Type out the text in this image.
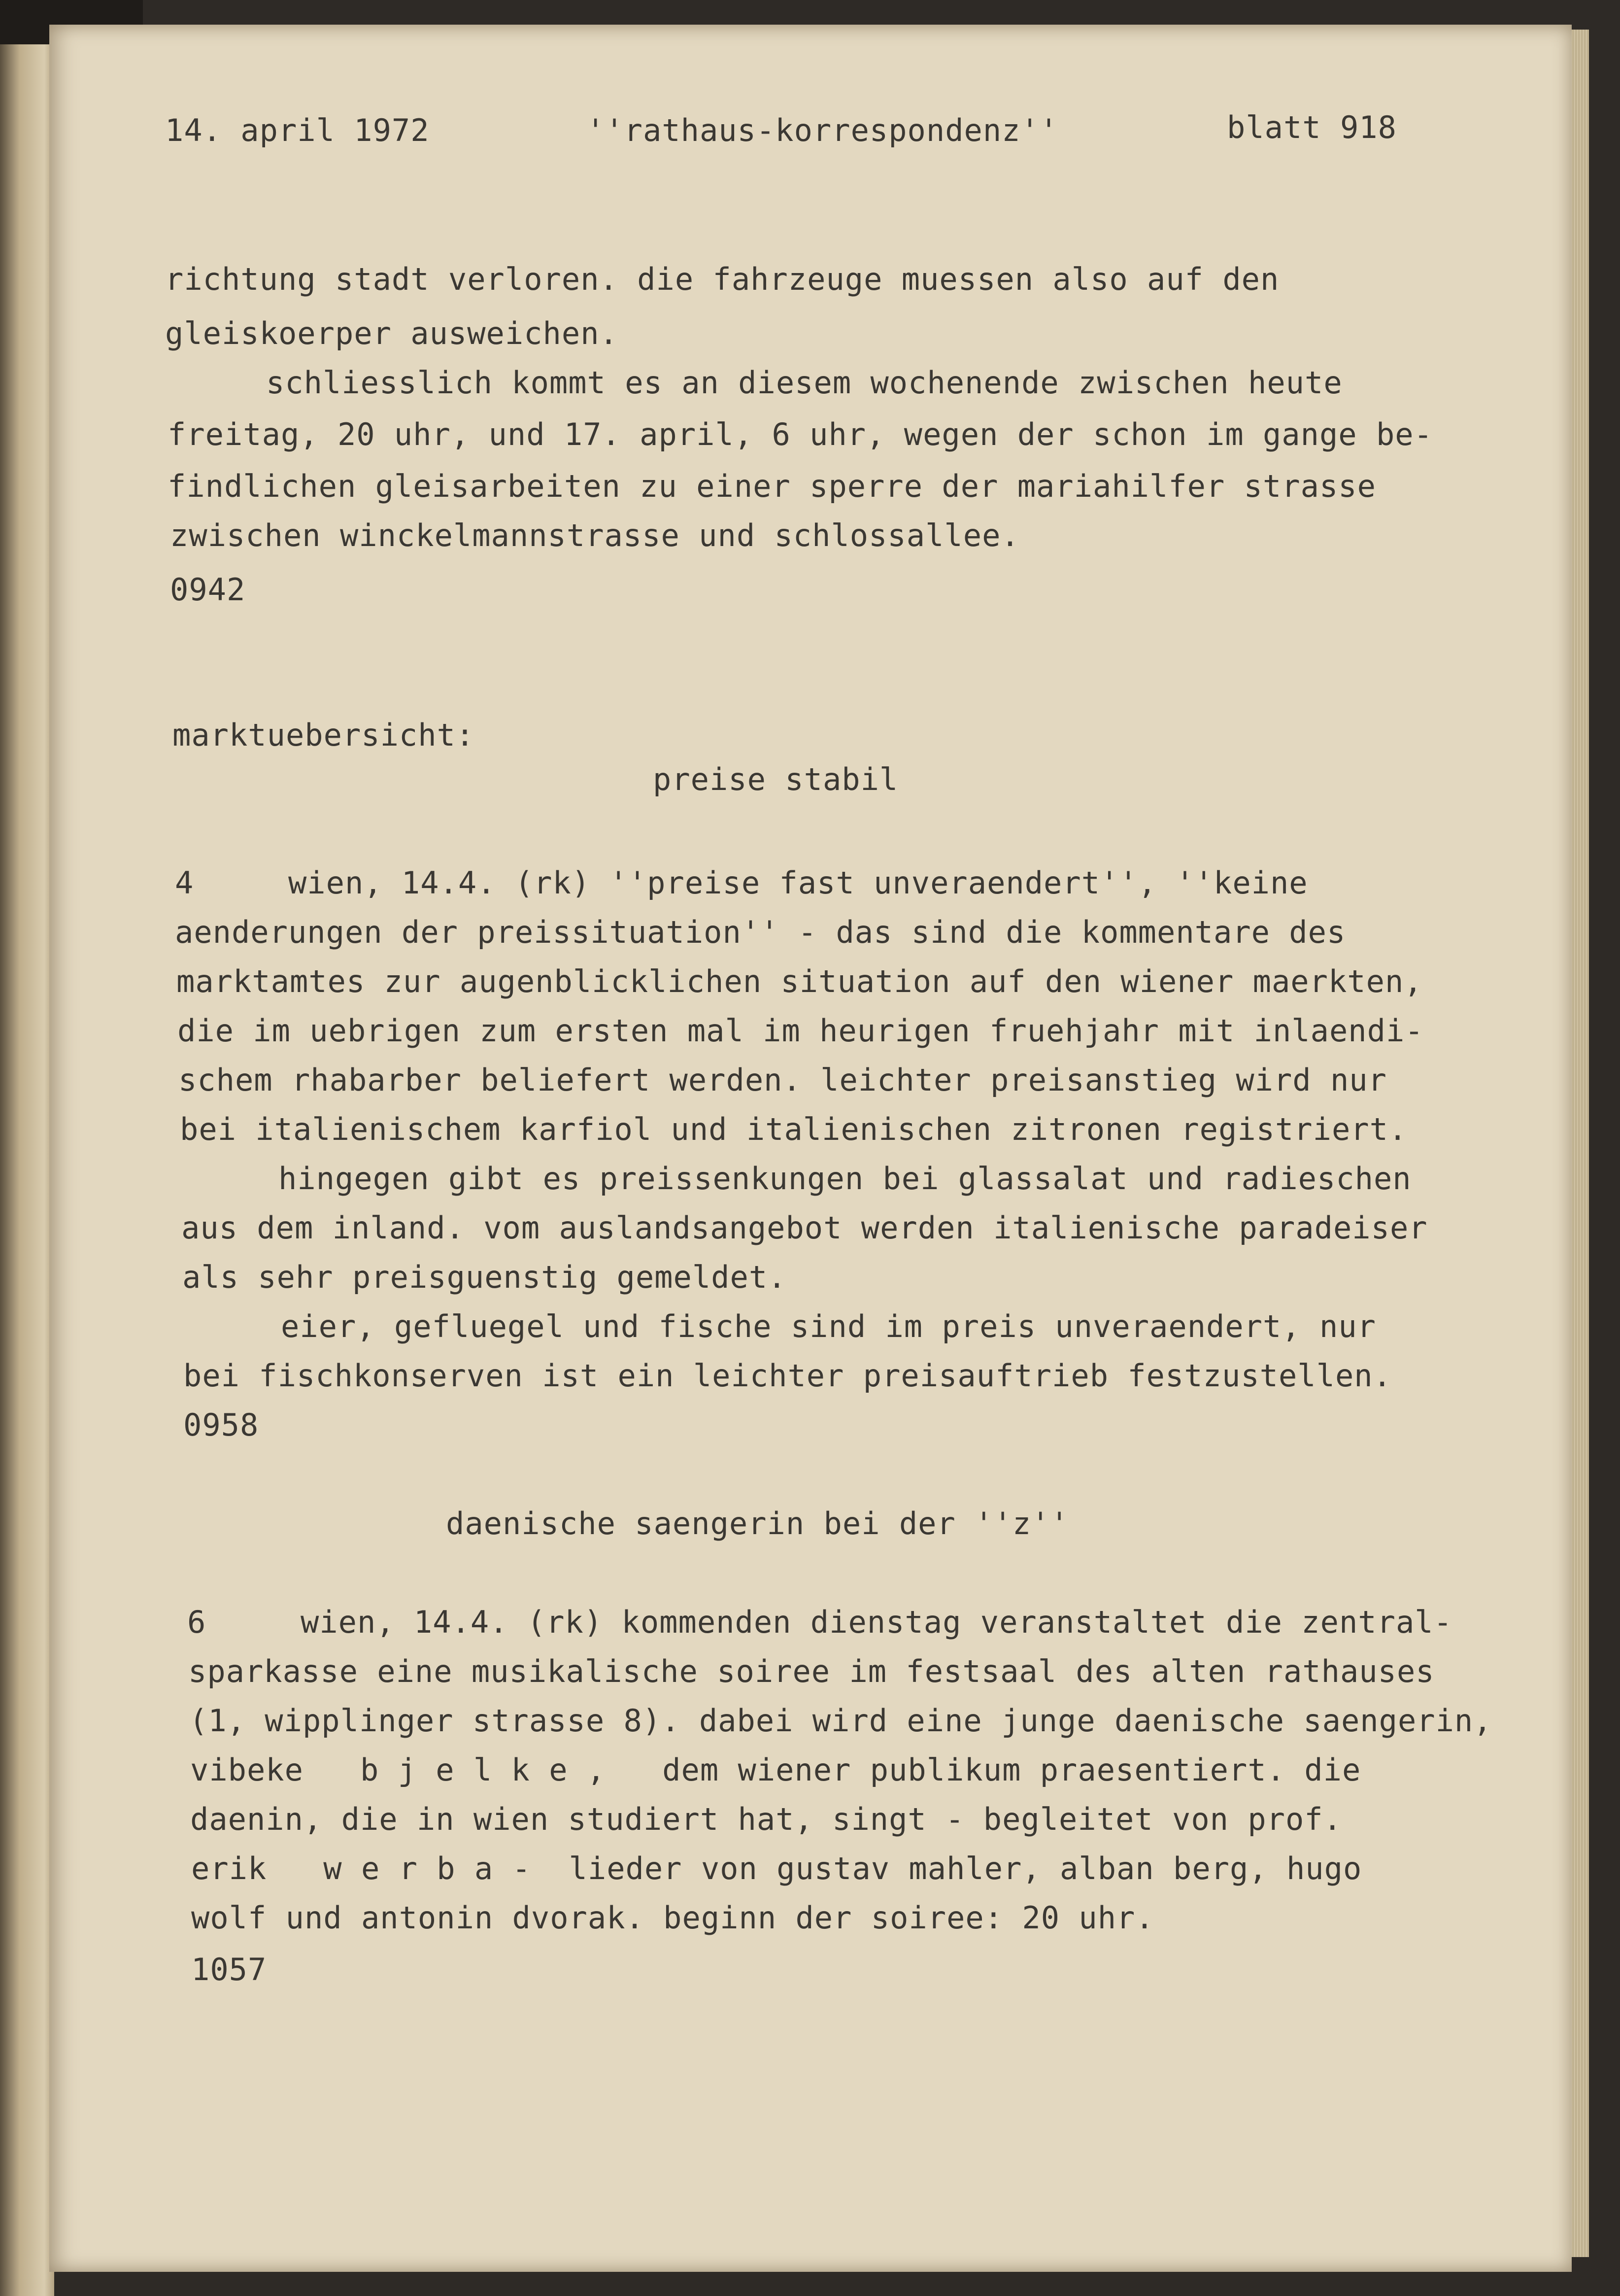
14. april 1972	''rathaus-korrespondenz''	blatt 918
richtung stadt verloren. die fahrzeuge muessen also auf den
gleiskoerper ausweichen.
schliesslich kommt es an diesem wochenende zwischen heute
freitag, 20 uhr, und 17. april, 6 uhr, wegen der schon im gange be-
findlichen gleisarbeiten zu einer sperre der mariahilfer strasse
zwischen winckelmannstrasse und schlossallee.
0942
marktuebersicht:
preise stabil
4     wien, 14.4. (rk) ''preise fast unveraendert'', ''keine
aenderungen der preissituation'' - das sind die kommentare des
marktamtes zur augenblicklichen situation auf den wiener maerkten,
die im uebrigen zum ersten mal im heurigen fruehjahr mit inlaendi-
schem rhabarber beliefert werden. leichter preisanstieg wird nur
bei italienischem karfiol und italienischen zitronen registriert.
hingegen gibt es preissenkungen bei glassalat und radieschen
aus dem inland. vom auslandsangebot werden italienische paradeiser
als sehr preisguenstig gemeldet.
eier, gefluegel und fische sind im preis unveraendert, nur
bei fischkonserven ist ein leichter preisauftrieb festzustellen.
0958
daenische saengerin bei der ''z''
6     wien, 14.4. (rk) kommenden dienstag veranstaltet die zentral-
sparkasse eine musikalische soiree im festsaal des alten rathauses
(1, wipplinger strasse 8). dabei wird eine junge daenische saengerin,
vibeke   b j e l k e ,   dem wiener publikum praesentiert. die
daenin, die in wien studiert hat, singt - begleitet von prof.
erik   w e r b a -  lieder von gustav mahler, alban berg, hugo
wolf und antonin dvorak. beginn der soiree: 20 uhr.
1057
